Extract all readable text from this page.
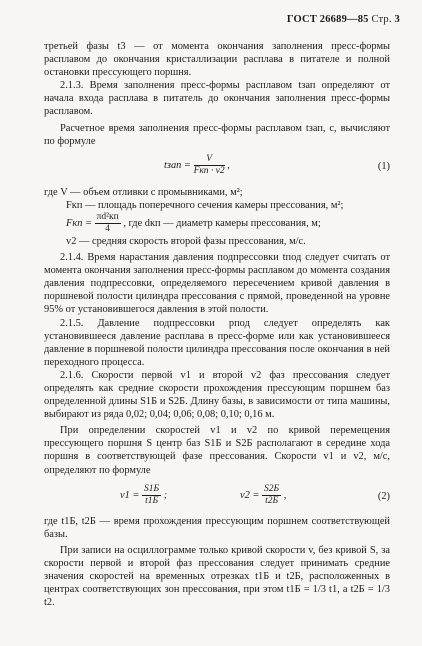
ГОСТ 26689—85 Стр. 3

третьей фазы t3 — от момента окончания заполнения пресс-формы расплавом до окончания кристаллизации расплава в питателе и полной остановки прессующего поршня.

2.1.3. Время заполнения пресс-формы расплавом tзап определяют от начала входа расплава в питатель до окончания заполнения пресс-формы расплавом.

Расчетное время заполнения пресс-формы расплавом tзап, с, вычисляют по формуле

tзап = $\frac{V}{\text{Fкп · v2}}$ ,	(1)

где V — объем отливки с промывниками, м²;

Fкп — площадь поперечного сечения камеры прессования, м²;

Fкп = $\frac{\text{πd²кп}}{4}$ , где dкп — диаметр камеры прессования, м;

v2 — средняя скорость второй фазы прессования, м/с.

2.1.4. Время нарастания давления подпрессовки tпод следует считать от момента окончания заполнения пресс-формы расплавом до момента создания давления подпрессовки, определяемого пересечением кривой давления в поршневой полости цилиндра прессования с прямой, проведенной на уровне 95% от установившегося давления в этой полости.

2.1.5. Давление подпрессовки pпод следует определять как установившееся давление расплава в пресс-форме или как установившееся давление в поршневой полости цилиндра прессования после окончания в ней переходного процесса.

2.1.6. Скорости первой v1 и второй v2 фаз прессования следует определять как средние скорости прохождения прессующим поршнем баз определенной длины S1Б и S2Б. Длину базы, в зависимости от типа машины, выбирают из ряда 0,02; 0,04; 0,06; 0,08; 0,10; 0,16 м.

При определении скоростей v1 и v2 по кривой перемещения прессующего поршня S центр баз S1Б и S2Б располагают в середине хода поршня в соответствующей фазе прессования. Скорости v1 и v2, м/с, определяют по формуле

$v1 = \frac{S1Б}{t1Б}$ ;	$v2 = \frac{S2Б}{t2Б}$ ,	(2)

где t1Б, t2Б — время прохождения прессующим поршнем соответствующей базы.

При записи на осциллограмме только кривой скорости v, без кривой S, за скорости первой и второй фаз прессования следует принимать средние значения скоростей на временных отрезках t1Б и t2Б, расположенных в центрах соответствующих зон прессования, при этом t1Б = 1/3 t1, а t2Б = 1/3 t2.
